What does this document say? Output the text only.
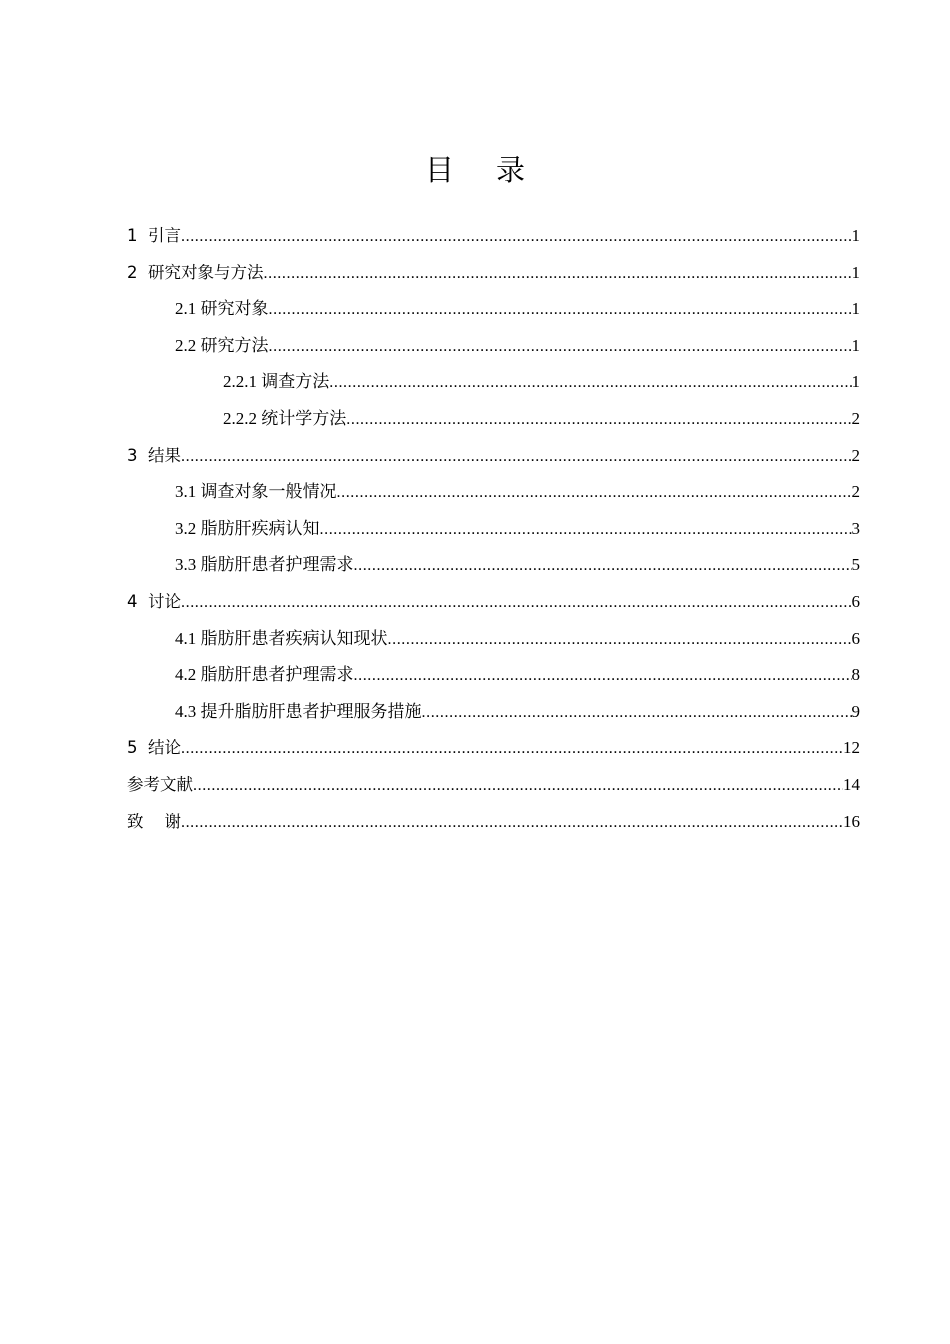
目录
1  引言 .....	1
2  研究对象与方法 .....	1
2.1 研究对象 .....	1
2.2 研究方法 .....	1
2.2.1 调查方法 .....	1
2.2.2 统计学方法 .....	2
3  结果 .....	2
3.1 调查对象一般情况 .....	2
3.2 脂肪肝疾病认知 .....	3
3.3 脂肪肝患者护理需求 .....	5
4  讨论 .....	6
4.1 脂肪肝患者疾病认知现状 .....	6
4.2 脂肪肝患者护理需求 .....	8
4.3 提升脂肪肝患者护理服务措施 .....	9
5  结论 .....	12
参考文献 .....	14
致    谢 .....	16
